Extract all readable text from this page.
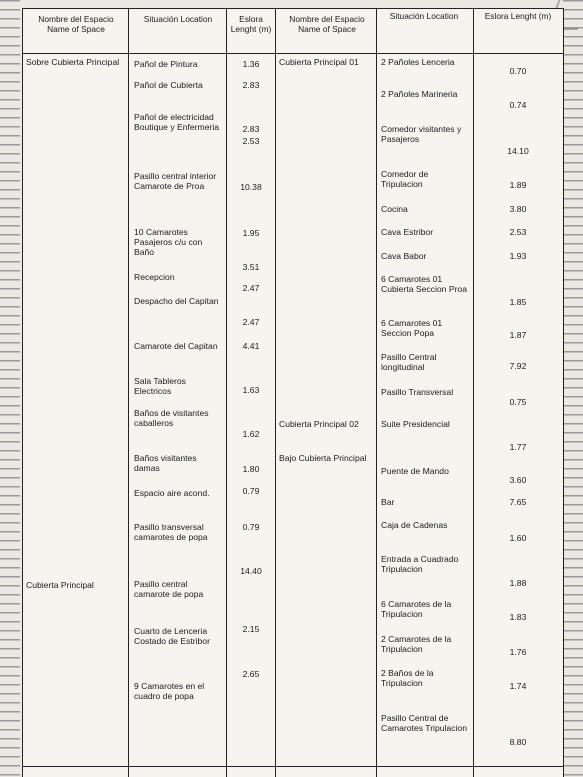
Nombre del Espacio Name of Space
Situación Location	Eslora Lenght (m)
Nombre del Espacio Name of Space
Situación Location	Eslora Lenght (m)
Sobre Cubierta Principal
Cubierta Principal
Pañol de Pintura
Pañol de Cubierta
Pañol de electricidad Boutique y Enfermeria
Pasillo central interior Camarote de Proa
10 Camarotes Pasajeros c/u con Baño
Recepcion
Despacho del Capitan
Camarote del Capitan
Sala Tableros Electricos
Baños de visitantes caballeros
Baños visitantes damas
Espacio aire acond.
Pasillo transversal camarotes de popa
Pasillo central camarote de popa
Cuarto de Lenceria Costado de Estribor
9 Camarotes en el cuadro de popa
1.36
2.83
2.83
2.53
10.38
1.95
3.51
2.47
2.47
4.41
1.63
1.62
1.80
0.79
0.79
14.40
2.15
2.65
Cubierta Principal 01
Cubierta Principal 02
Bajo Cubierta Principal
2 Pañoles Lenceria
2 Pañoles Marineria
Comedor visitantes y Pasajeros
Comedor de Tripulacion
Cocina
Cava Estribor
Cava Babor
6 Camarotes 01 Cubierta Seccion Proa
6 Camarotes 01 Seccion Popa
Pasillo Central longitudinal
Pasillo Transversal
Suite Presidencial
Puente de Mando
Bar
Caja de Cadenas
Entrada a Cuadrado Tripulacion
6 Camarotes de la Tripulacion
2 Camarotes de la Tripulacion
2 Baños de la Tripulacion
Pasillo Central de Camarotes Tripulacion
0.70
0.74
14.10
1.89
3.80
2.53
1.93
1.85
1.87
7.92
0.75
1.77
3.60
7.65
1.60
1.88
1.83
1.76
1.74
8.80
